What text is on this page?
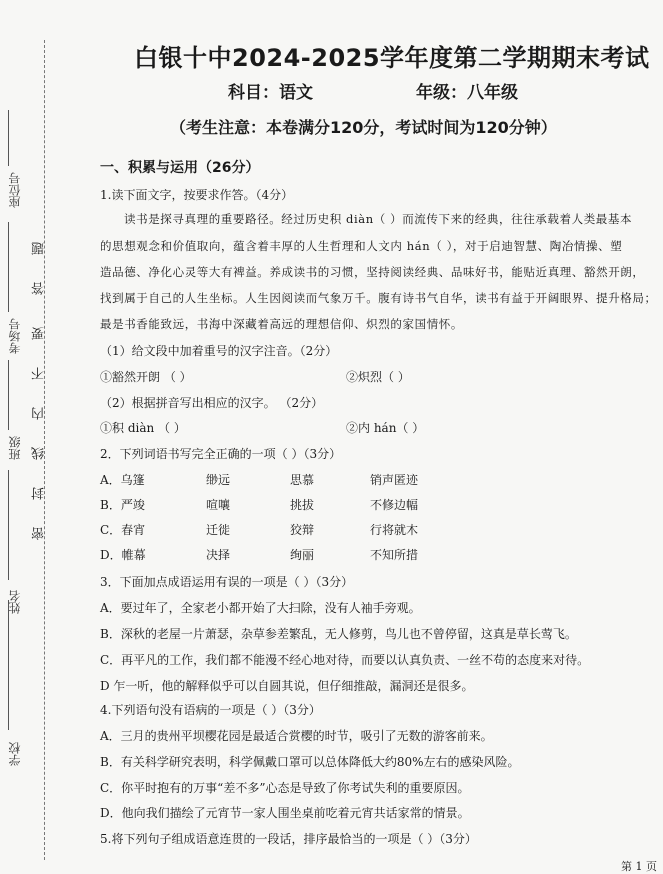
学校
姓名
班级
考场号
座位号
密
封
线
内
不
要
答
题
白银十中2024-2025学年度第二学期期末考试
科目：语文	年级：八年级
（考生注意：本卷满分120分，考试时间为120分钟）
一、积累与运用（26分）
1.读下面文字，按要求作答。（4分）
读书是探寻真理的重要路径。经过历史积 diàn（ ）而流传下来的经典，往往承载着人类最基本
的思想观念和价值取向，蕴含着丰厚的人生哲理和人文内 hán（ ），对于启迪智慧、陶冶情操、塑
造品德、净化心灵等大有裨益。养成读书的习惯，坚持阅读经典、品味好书，能贴近真理、豁然开朗，
找到属于自己的人生坐标。人生因阅读而气象万千。腹有诗书气自华，读书有益于开阔眼界、提升格局；
最是书香能致远，书海中深藏着高远的理想信仰、炽烈的家国情怀。
（1）给文段中加着重号的汉字注音。（2分）
①豁然开朗 （ ）	②炽烈（ ）
（2）根据拼音写出相应的汉字。 （2分）
①积 diàn （ ）	②内 hán（ ）
2．下列词语书写完全正确的一项（ ）（3分）
A．乌篷	缈远	思慕	销声匿迹
B．严竣	喧嚷	挑拔	不修边幅
C．春宵	迁徙	狡辩	行将就木
D．帷幕	决择	绚丽	不知所措
3．下面加点成语运用有误的一项是（ ）（3分）
A．要过年了，全家老小都开始了大扫除，没有人袖手旁观。
B．深秋的老屋一片萧瑟，杂草参差繁乱，无人修剪，鸟儿也不曾停留，这真是草长莺飞。
C．再平凡的工作，我们都不能漫不经心地对待，而要以认真负责、一丝不苟的态度来对待。
D 乍一听，他的解释似乎可以自圆其说，但仔细推敲，漏洞还是很多。
4.下列语句没有语病的一项是（ ）（3分）
A．三月的贵州平坝樱花园是最适合赏樱的时节，吸引了无数的游客前来。
B．有关科学研究表明，科学佩戴口罩可以总体降低大约80%左右的感染风险。
C．你平时抱有的万事“差不多”心态是导致了你考试失利的重要原因。
D．他向我们描绘了元宵节一家人围坐桌前吃着元宵共话家常的情景。
5.将下列句子组成语意连贯的一段话，排序最恰当的一项是（ ）（3分）
第 1 页
